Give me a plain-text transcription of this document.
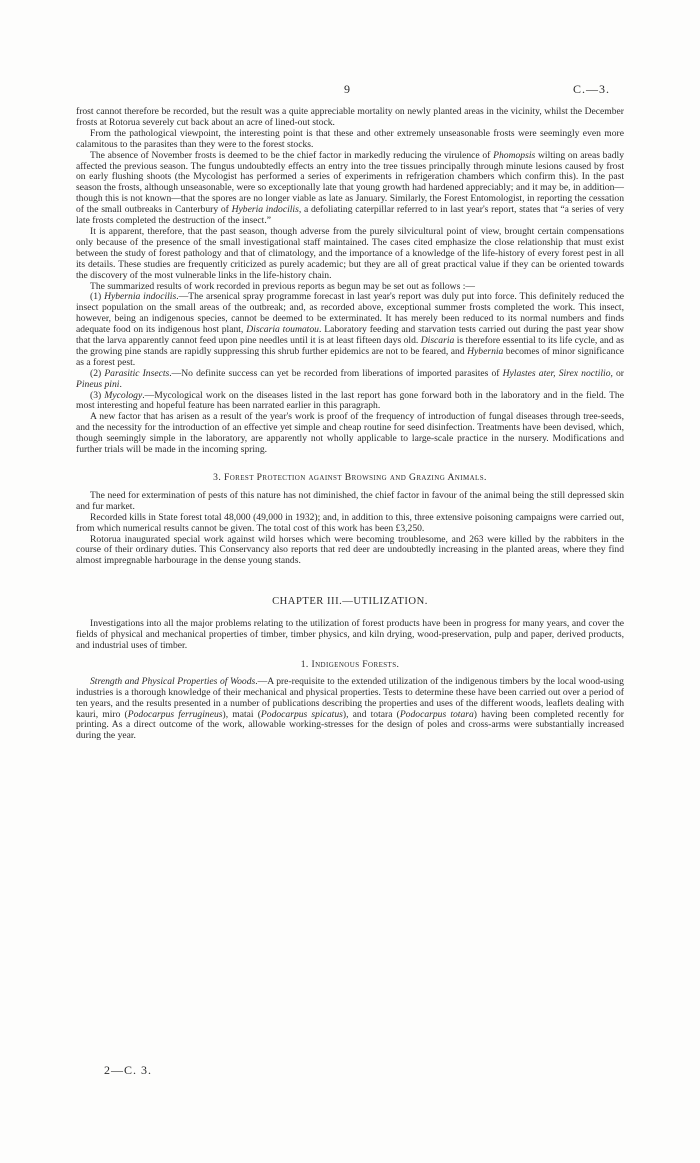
9	C.—3.

frost cannot therefore be recorded, but the result was a quite appreciable mortality on newly planted areas in the vicinity, whilst the December frosts at Rotorua severely cut back about an acre of lined-out stock.

From the pathological viewpoint, the interesting point is that these and other extremely unseasonable frosts were seemingly even more calamitous to the parasites than they were to the forest stocks.

The absence of November frosts is deemed to be the chief factor in markedly reducing the virulence of Phomopsis wilting on areas badly affected the previous season. The fungus undoubtedly effects an entry into the tree tissues principally through minute lesions caused by frost on early flushing shoots (the Mycologist has performed a series of experiments in refrigeration chambers which confirm this). In the past season the frosts, although unseasonable, were so exceptionally late that young growth had hardened appreciably; and it may be, in addition—though this is not known—that the spores are no longer viable as late as January. Similarly, the Forest Entomologist, in reporting the cessation of the small outbreaks in Canterbury of Hyberia indocilis, a defoliating caterpillar referred to in last year's report, states that “a series of very late frosts completed the destruction of the insect.”

It is apparent, therefore, that the past season, though adverse from the purely silvicultural point of view, brought certain compensations only because of the presence of the small investigational staff maintained. The cases cited emphasize the close relationship that must exist between the study of forest pathology and that of climatology, and the importance of a knowledge of the life-history of every forest pest in all its details. These studies are frequently criticized as purely academic; but they are all of great practical value if they can be oriented towards the discovery of the most vulnerable links in the life-history chain.

The summarized results of work recorded in previous reports as begun may be set out as follows :—

(1) Hybernia indocilis.—The arsenical spray programme forecast in last year's report was duly put into force. This definitely reduced the insect population on the small areas of the outbreak; and, as recorded above, exceptional summer frosts completed the work. This insect, however, being an indigenous species, cannot be deemed to be exterminated. It has merely been reduced to its normal numbers and finds adequate food on its indigenous host plant, Discaria toumatou. Laboratory feeding and starvation tests carried out during the past year show that the larva apparently cannot feed upon pine needles until it is at least fifteen days old. Discaria is therefore essential to its life cycle, and as the growing pine stands are rapidly suppressing this shrub further epidemics are not to be feared, and Hybernia becomes of minor significance as a forest pest.

(2) Parasitic Insects.—No definite success can yet be recorded from liberations of imported parasites of Hylastes ater, Sirex noctilio, or Pineus pini.

(3) Mycology.—Mycological work on the diseases listed in the last report has gone forward both in the laboratory and in the field. The most interesting and hopeful feature has been narrated earlier in this paragraph.

A new factor that has arisen as a result of the year's work is proof of the frequency of introduction of fungal diseases through tree-seeds, and the necessity for the introduction of an effective yet simple and cheap routine for seed disinfection. Treatments have been devised, which, though seemingly simple in the laboratory, are apparently not wholly applicable to large-scale practice in the nursery. Modifications and further trials will be made in the incoming spring.

3. Forest Protection against Browsing and Grazing Animals.

The need for extermination of pests of this nature has not diminished, the chief factor in favour of the animal being the still depressed skin and fur market.

Recorded kills in State forest total 48,000 (49,000 in 1932); and, in addition to this, three extensive poisoning campaigns were carried out, from which numerical results cannot be given. The total cost of this work has been £3,250.

Rotorua inaugurated special work against wild horses which were becoming troublesome, and 263 were killed by the rabbiters in the course of their ordinary duties. This Conservancy also reports that red deer are undoubtedly increasing in the planted areas, where they find almost impregnable harbourage in the dense young stands.

CHAPTER III.—UTILIZATION.

Investigations into all the major problems relating to the utilization of forest products have been in progress for many years, and cover the fields of physical and mechanical properties of timber, timber physics, and kiln drying, wood-preservation, pulp and paper, derived products, and industrial uses of timber.

1. Indigenous Forests.

Strength and Physical Properties of Woods.—A pre-requisite to the extended utilization of the indigenous timbers by the local wood-using industries is a thorough knowledge of their mechanical and physical properties. Tests to determine these have been carried out over a period of ten years, and the results presented in a number of publications describing the properties and uses of the different woods, leaflets dealing with kauri, miro (Podocarpus ferrugineus), matai (Podocarpus spicatus), and totara (Podocarpus totara) having been completed recently for printing. As a direct outcome of the work, allowable working-stresses for the design of poles and cross-arms were substantially increased during the year.

2—C. 3.
